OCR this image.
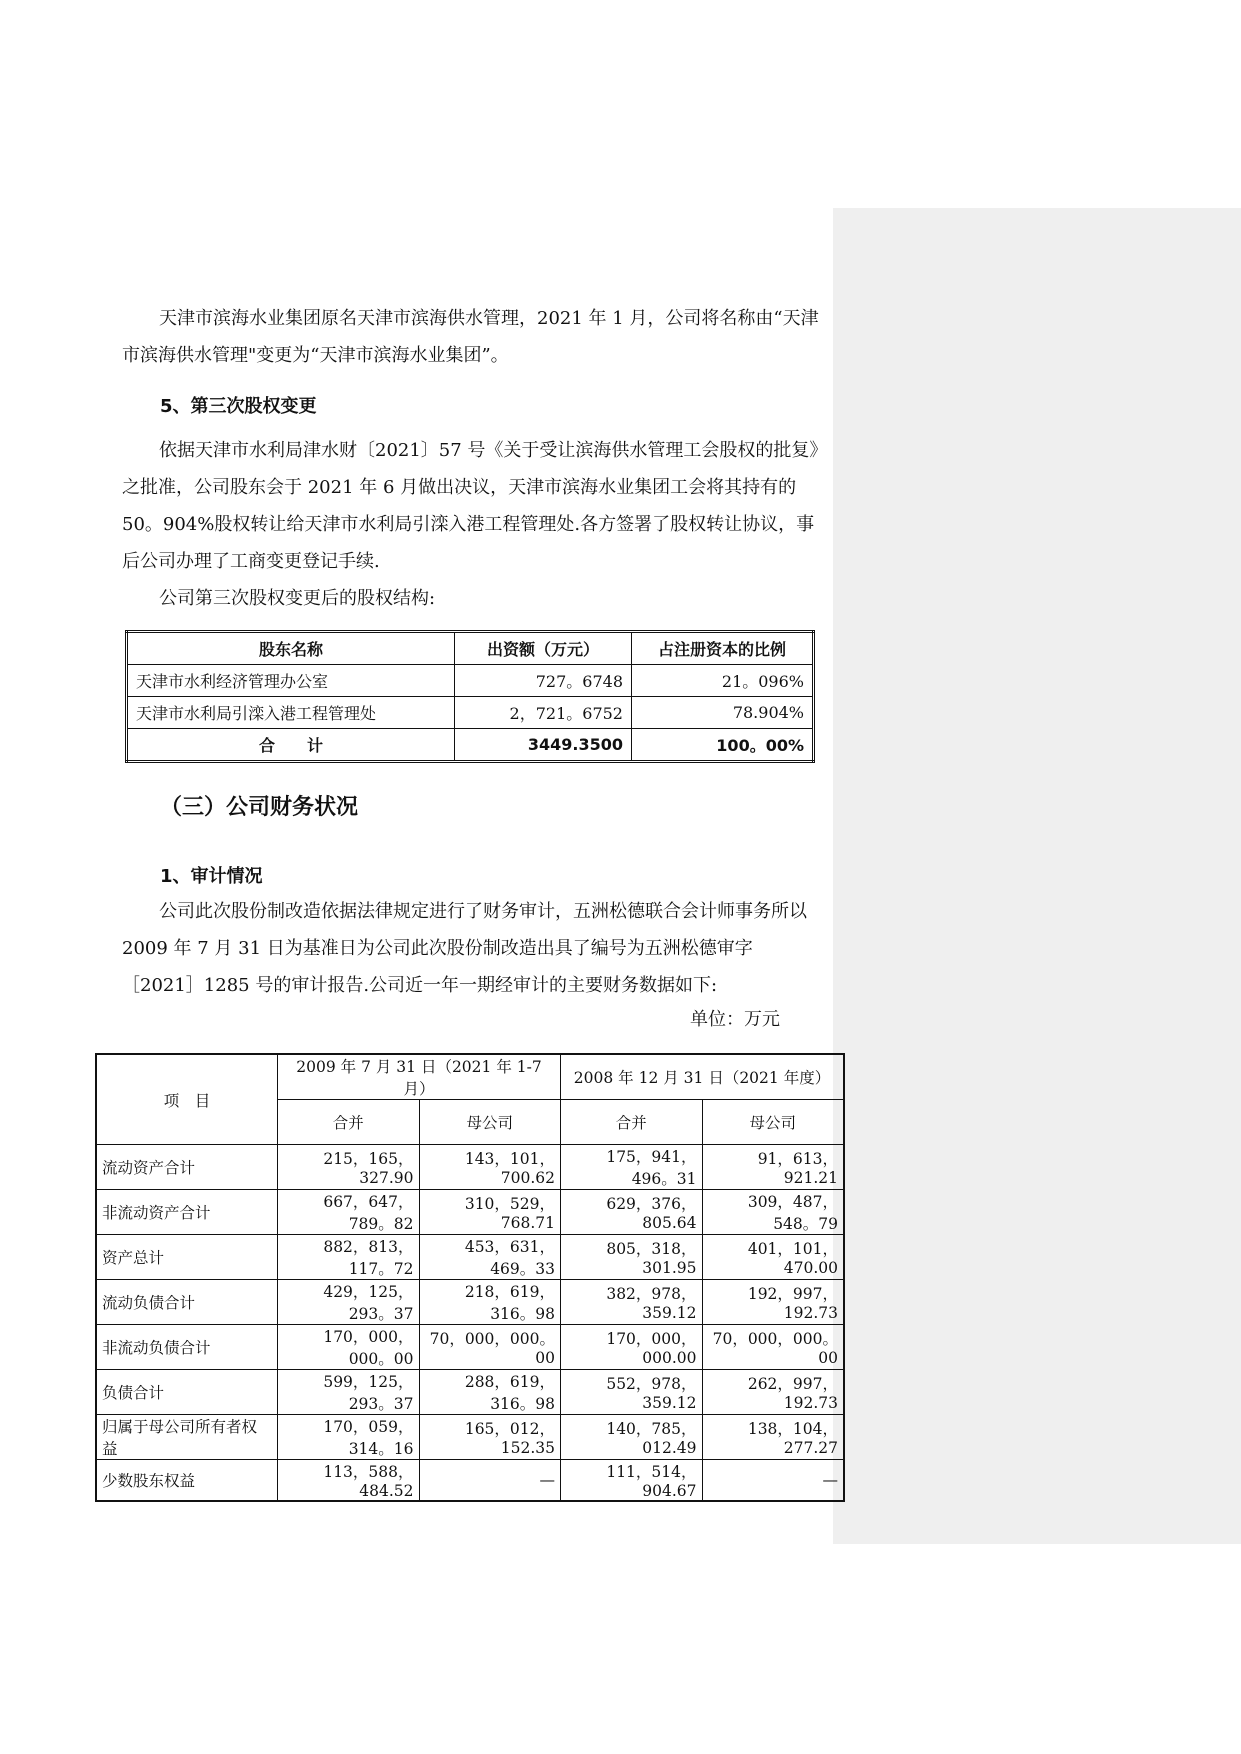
天津市滨海水业集团原名天津市滨海供水管理，2021 年 1 月，公司将名称由“天津市滨海供水管理"变更为“天津市滨海水业集团”。

5、第三次股权变更

依据天津市水利局津水财〔2021〕57 号《关于受让滨海供水管理工会股权的批复》之批准，公司股东会于 2021 年 6 月做出决议，天津市滨海水业集团工会将其持有的 50。904%股权转让给天津市水利局引滦入港工程管理处.各方签署了股权转让协议，事后公司办理了工商变更登记手续.

公司第三次股权变更后的股权结构:

股东名称	出资额（万元）	占注册资本的比例
天津市水利经济管理办公室	727。6748	21。096%
天津市水利局引滦入港工程管理处	2，721。6752	78.904%
合　　计	3449.3500	100。00%
（三）公司财务状况
1、审计情况

公司此次股份制改造依据法律规定进行了财务审计，五洲松德联合会计师事务所以 2009 年 7 月 31 日为基准日为公司此次股份制改造出具了编号为五洲松德审字［2021］1285 号的审计报告.公司近一年一期经审计的主要财务数据如下:

单位：万元
项　目	2009 年 7 月 31 日（2021 年 1-7 月）		2008 年 12 月 31 日（2021 年度）	
	合并	母公司	合并	母公司
流动资产合计	215，165，327.90	143，101，700.62	175，941，496。31	91，613，921.21
非流动资产合计	667，647，789。82	310，529，768.71	629，376，805.64	309，487，548。79
资产总计	882，813，117。72	453，631，469。33	805，318，301.95	401，101，470.00
流动负债合计	429，125，293。37	218，619，316。98	382，978，359.12	192，997，192.73
非流动负债合计	170，000，000。00	70，000，000。00	170，000，000.00	70，000，000。00
负债合计	599，125，293。37	288，619，316。98	552，978，359.12	262，997，192.73
归属于母公司所有者权益	170，059，314。16	165，012，152.35	140，785，012.49	138，104，277.27
少数股东权益	113，588，484.52	—	111，514，904.67	—
